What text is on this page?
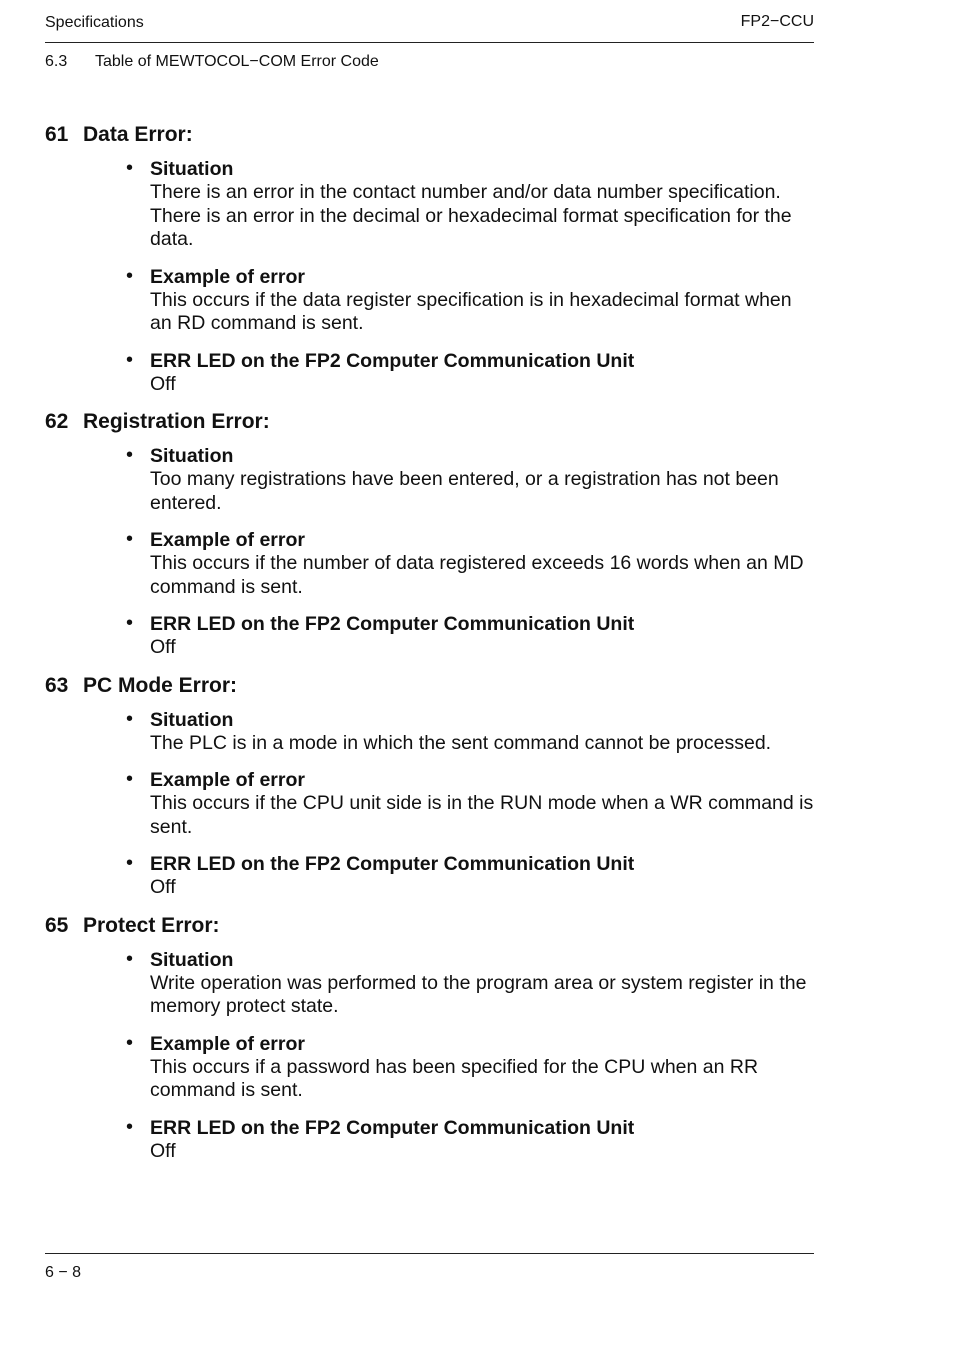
Specifications	FP2−CCU
6.3 Table of MEWTOCOL−COM Error Code
61 Data Error:
• Situation
There is an error in the contact number and/or data number specification. There is an error in the decimal or hexadecimal format specification for the data.
• Example of error
This occurs if the data register specification is in hexadecimal format when an RD command is sent.
• ERR LED on the FP2 Computer Communication Unit
Off
62 Registration Error:
• Situation
Too many registrations have been entered, or a registration has not been entered.
• Example of error
This occurs if the number of data registered exceeds 16 words when an MD command is sent.
• ERR LED on the FP2 Computer Communication Unit
Off
63 PC Mode Error:
• Situation
The PLC is in a mode in which the sent command cannot be processed.
• Example of error
This occurs if the CPU unit side is in the RUN mode when a WR command is sent.
• ERR LED on the FP2 Computer Communication Unit
Off
65 Protect Error:
• Situation
Write operation was performed to the program area or system register in the memory protect state.
• Example of error
This occurs if a password has been specified for the CPU when an RR command is sent.
• ERR LED on the FP2 Computer Communication Unit
Off
6 − 8
